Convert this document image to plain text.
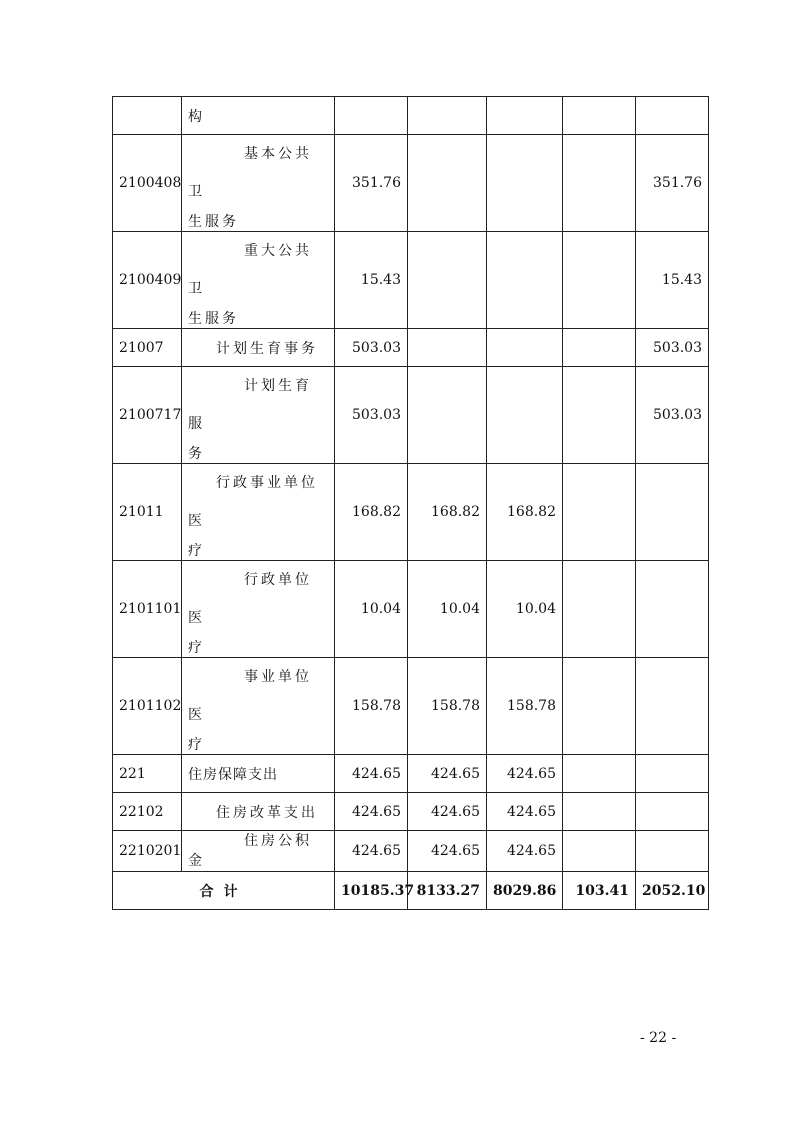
	构					

2100408	基本公共卫
生服务	351.76				351.76
2100409	重大公共卫
生服务	15.43				15.43
21007	计划生育事务	503.03				503.03
2100717	计划生育服
务	503.03				503.03
21011	行政事业单位医
疗	168.82	168.82	168.82		
2101101	行政单位医
疗	10.04	10.04	10.04		
2101102	事业单位医
疗	158.78	158.78	158.78		
221	住房保障支出	424.65	424.65	424.65		
22102	住房改革支出	424.65	424.65	424.65		
2210201	住房公积金	424.65	424.65	424.65		
合计		10185.37	8133.27	8029.86	103.41	2052.10
- 22 -
